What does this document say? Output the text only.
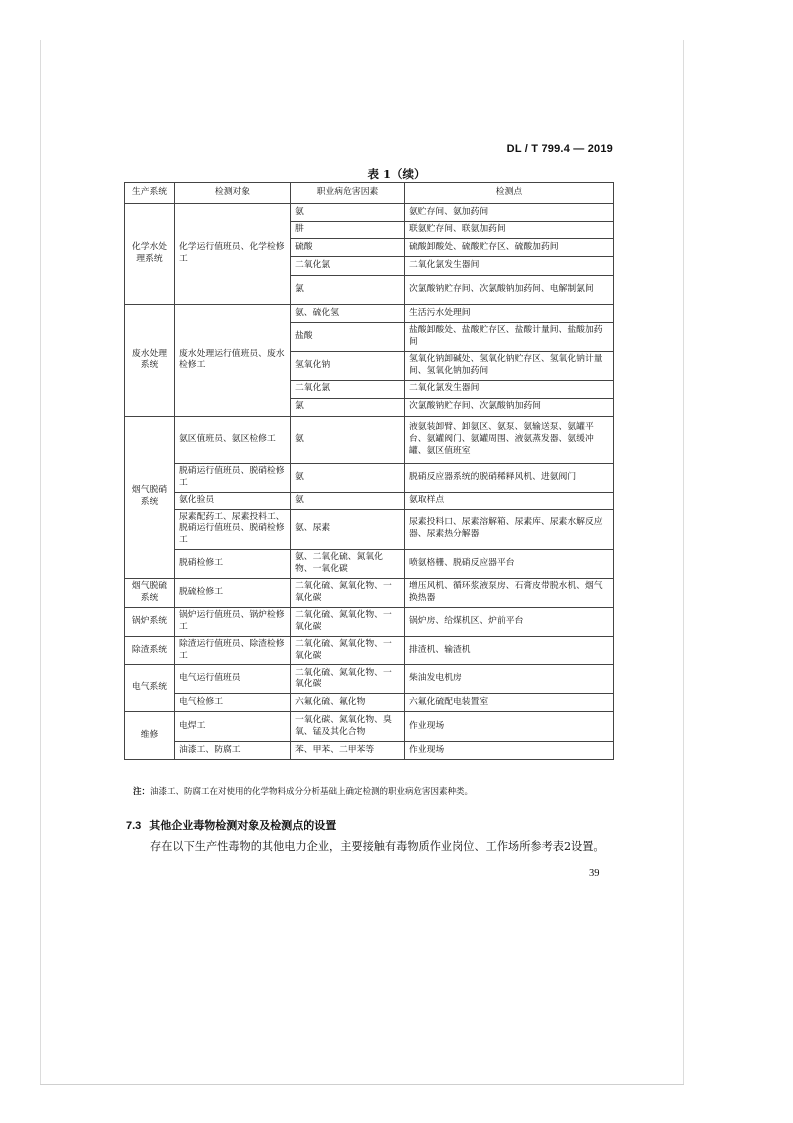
DL / T 799.4 — 2019
表 1（续）
生产系统	检测对象	职业病危害因素	检测点
化学水处理系统	化学运行值班员、化学检修工	氨	氨贮存间、氨加药间
		肼	联氨贮存间、联氨加药间
		硫酸	硫酸卸酸处、硫酸贮存区、硫酸加药间
		二氧化氯	二氧化氯发生器间
		氯	次氯酸钠贮存间、次氯酸钠加药间、电解制氯间
废水处理系统	废水处理运行值班员、废水检修工	氨、硫化氢	生活污水处理间
		盐酸	盐酸卸酸处、盐酸贮存区、盐酸计量间、盐酸加药间
		氢氧化钠	氢氧化钠卸碱处、氢氧化钠贮存区、氢氧化钠计量间、氢氧化钠加药间
		二氧化氯	二氧化氯发生器间
		氯	次氯酸钠贮存间、次氯酸钠加药间
烟气脱硝系统	氨区值班员、氨区检修工	氨	液氨装卸臂、卸氨区、氨泵、氨输送泵、氨罐平台、氨罐阀门、氨罐周围、液氨蒸发器、氨缓冲罐、氨区值班室
	脱硝运行值班员、脱硝检修工	氨	脱硝反应器系统的脱硝稀释风机、进氨阀门
	氨化验员	氨	氨取样点
	尿素配药工、尿素投料工、脱硝运行值班员、脱硝检修工	氨、尿素	尿素投料口、尿素溶解箱、尿素库、尿素水解反应器、尿素热分解器
	脱硝检修工	氨、二氧化硫、氮氧化物、一氧化碳	喷氨格栅、脱硝反应器平台
烟气脱硫系统	脱硫检修工	二氧化硫、氮氧化物、一氧化碳	增压风机、循环浆液泵房、石膏皮带脱水机、烟气换热器
锅炉系统	锅炉运行值班员、锅炉检修工	二氧化硫、氮氧化物、一氧化碳	锅炉房、给煤机区、炉前平台
除渣系统	除渣运行值班员、除渣检修工	二氧化硫、氮氧化物、一氧化碳	排渣机、输渣机
电气系统	电气运行值班员	二氧化硫、氮氧化物、一氧化碳	柴油发电机房
	电气检修工	六氟化硫、氟化物	六氟化硫配电装置室
维修	电焊工	一氧化碳、氮氧化物、臭氧、锰及其化合物	作业现场
	油漆工、防腐工	苯、甲苯、二甲苯等	作业现场
注：油漆工、防腐工在对使用的化学物料成分分析基础上确定检测的职业病危害因素种类。
7.3 其他企业毒物检测对象及检测点的设置
存在以下生产性毒物的其他电力企业，主要接触有毒物质作业岗位、工作场所参考表2设置。
39
